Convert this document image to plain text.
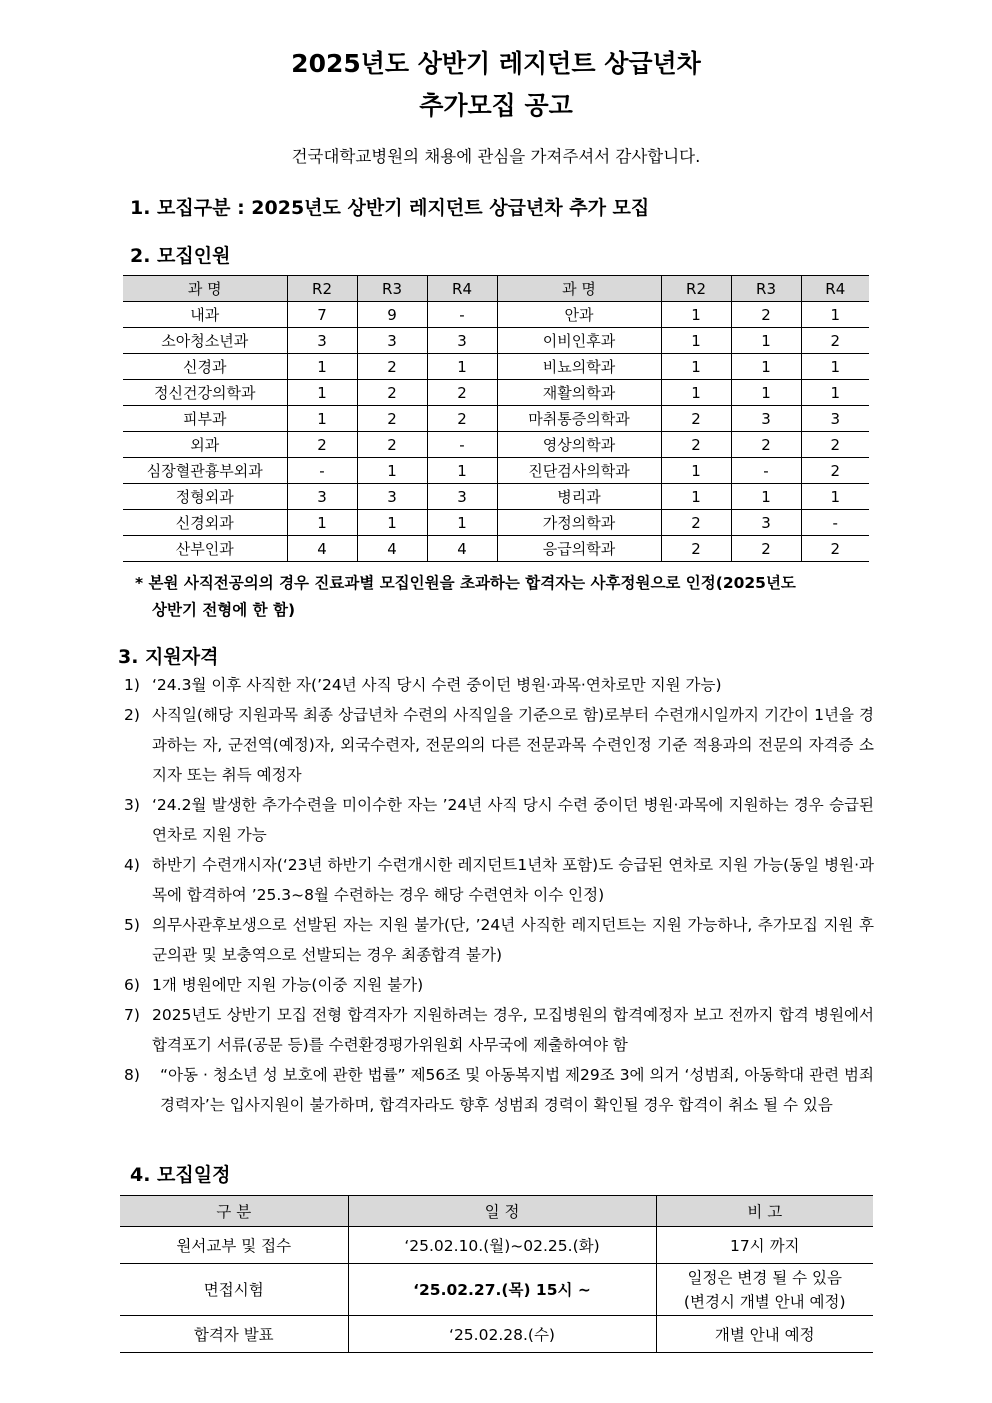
2025년도 상반기 레지던트 상급년차
추가모집 공고
건국대학교병원의 채용에 관심을 가져주셔서 감사합니다.
1. 모집구분 : 2025년도 상반기 레지던트 상급년차 추가 모집
2. 모집인원
과 명	R2	R3	R4	과 명	R2	R3	R4
내과	7	9	-	안과	1	2	1
소아청소년과	3	3	3	이비인후과	1	1	2
신경과	1	2	1	비뇨의학과	1	1	1
정신건강의학과	1	2	2	재활의학과	1	1	1
피부과	1	2	2	마취통증의학과	2	3	3
외과	2	2	-	영상의학과	2	2	2
심장혈관흉부외과	-	1	1	진단검사의학과	1	-	2
정형외과	3	3	3	병리과	1	1	1
신경외과	1	1	1	가정의학과	2	3	-
산부인과	4	4	4	응급의학과	2	2	2
* 본원 사직전공의의 경우 진료과별 모집인원을 초과하는 합격자는 사후정원으로 인정(2025년도
상반기 전형에 한 함)
3. 지원자격
1) ‘24.3월 이후 사직한 자(’24년 사직 당시 수련 중이던 병원·과목·연차로만 지원 가능)
2) 사직일(해당 지원과목 최종 상급년차 수련의 사직일을 기준으로 함)로부터 수련개시일까지 기간이 1년을 경과하는 자, 군전역(예정)자, 외국수련자, 전문의의 다른 전문과목 수련인정 기준 적용과의 전문의 자격증 소지자 또는 취득 예정자
3) ‘24.2월 발생한 추가수련을 미이수한 자는 ’24년 사직 당시 수련 중이던 병원·과목에 지원하는 경우 승급된 연차로 지원 가능
4) 하반기 수련개시자(‘23년 하반기 수련개시한 레지던트1년차 포함)도 승급된 연차로 지원 가능(동일 병원·과목에 합격하여 ’25.3~8월 수련하는 경우 해당 수련연차 이수 인정)
5) 의무사관후보생으로 선발된 자는 지원 불가(단, ’24년 사직한 레지던트는 지원 가능하나, 추가모집 지원 후 군의관 및 보충역으로 선발되는 경우 최종합격 불가)
6) 1개 병원에만 지원 가능(이중 지원 불가)
7) 2025년도 상반기 모집 전형 합격자가 지원하려는 경우, 모집병원의 합격예정자 보고 전까지 합격 병원에서 합격포기 서류(공문 등)를 수련환경평가위원회 사무국에 제출하여야 함
8)	“아동 · 청소년 성 보호에 관한 법률” 제56조 및 아동복지법 제29조 3에 의거 ‘성범죄, 아동학대 관련 범죄경력자’는 입사지원이 불가하며, 합격자라도 향후 성범죄 경력이 확인될 경우 합격이 취소 될 수 있음
4. 모집일정
구 분	일 정	비 고
원서교부 및 접수	‘25.02.10.(월)~02.25.(화)	17시 까지
면접시험	‘25.02.27.(목) 15시 ~	일정은 변경 될 수 있음
(변경시 개별 안내 예정)

합격자 발표	‘25.02.28.(수)	개별 안내 예정
